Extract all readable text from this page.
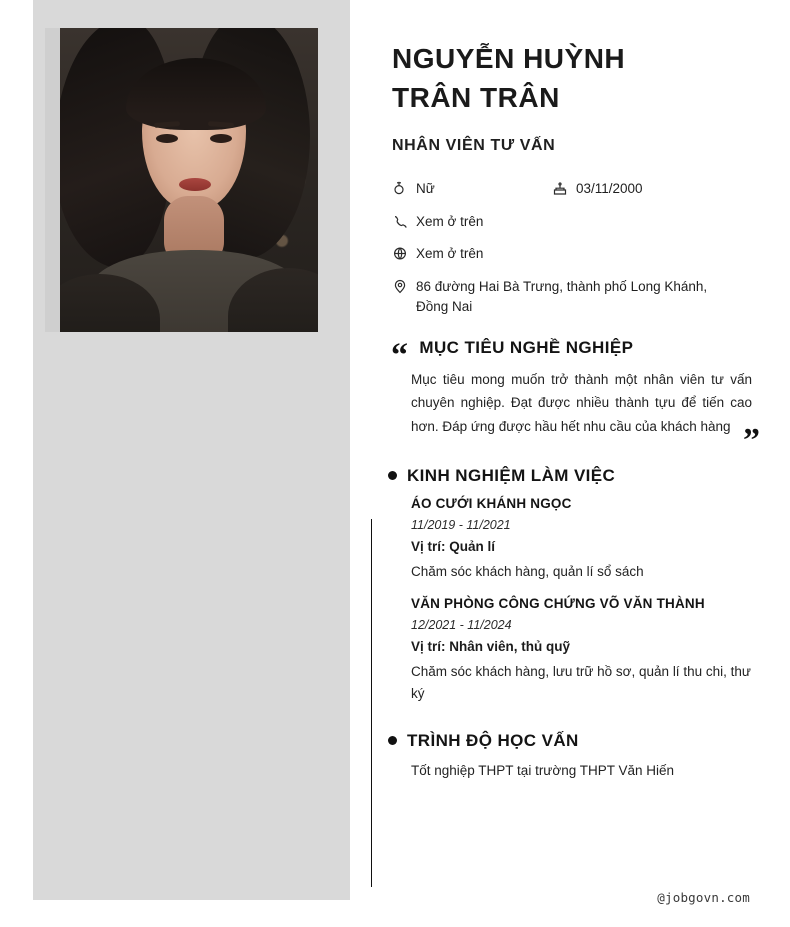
NGUYỄN HUỲNH
TRÂN TRÂN
NHÂN VIÊN TƯ VẤN
Nữ	03/11/2000
Xem ở trên
Xem ở trên
86 đường Hai Bà Trưng, thành phố Long Khánh, Đồng Nai
“ MỤC TIÊU NGHỀ NGHIỆP
Mục tiêu mong muốn trở thành một nhân viên tư vấn chuyên nghiệp. Đạt được nhiều thành tựu để tiến cao hơn. Đáp ứng được hầu hết nhu cầu của khách hàng ”
KINH NGHIỆM LÀM VIỆC
ÁO CƯỚI KHÁNH NGỌC
11/2019 - 11/2021
Vị trí: Quản lí
Chăm sóc khách hàng, quản lí sổ sách
VĂN PHÒNG CÔNG CHỨNG VÕ VĂN THÀNH
12/2021 - 11/2024
Vị trí: Nhân viên, thủ quỹ
Chăm sóc khách hàng, lưu trữ hồ sơ, quản lí thu chi, thư ký
TRÌNH ĐỘ HỌC VẤN
Tốt nghiệp THPT tại trường THPT Văn Hiến
@jobgovn.com
